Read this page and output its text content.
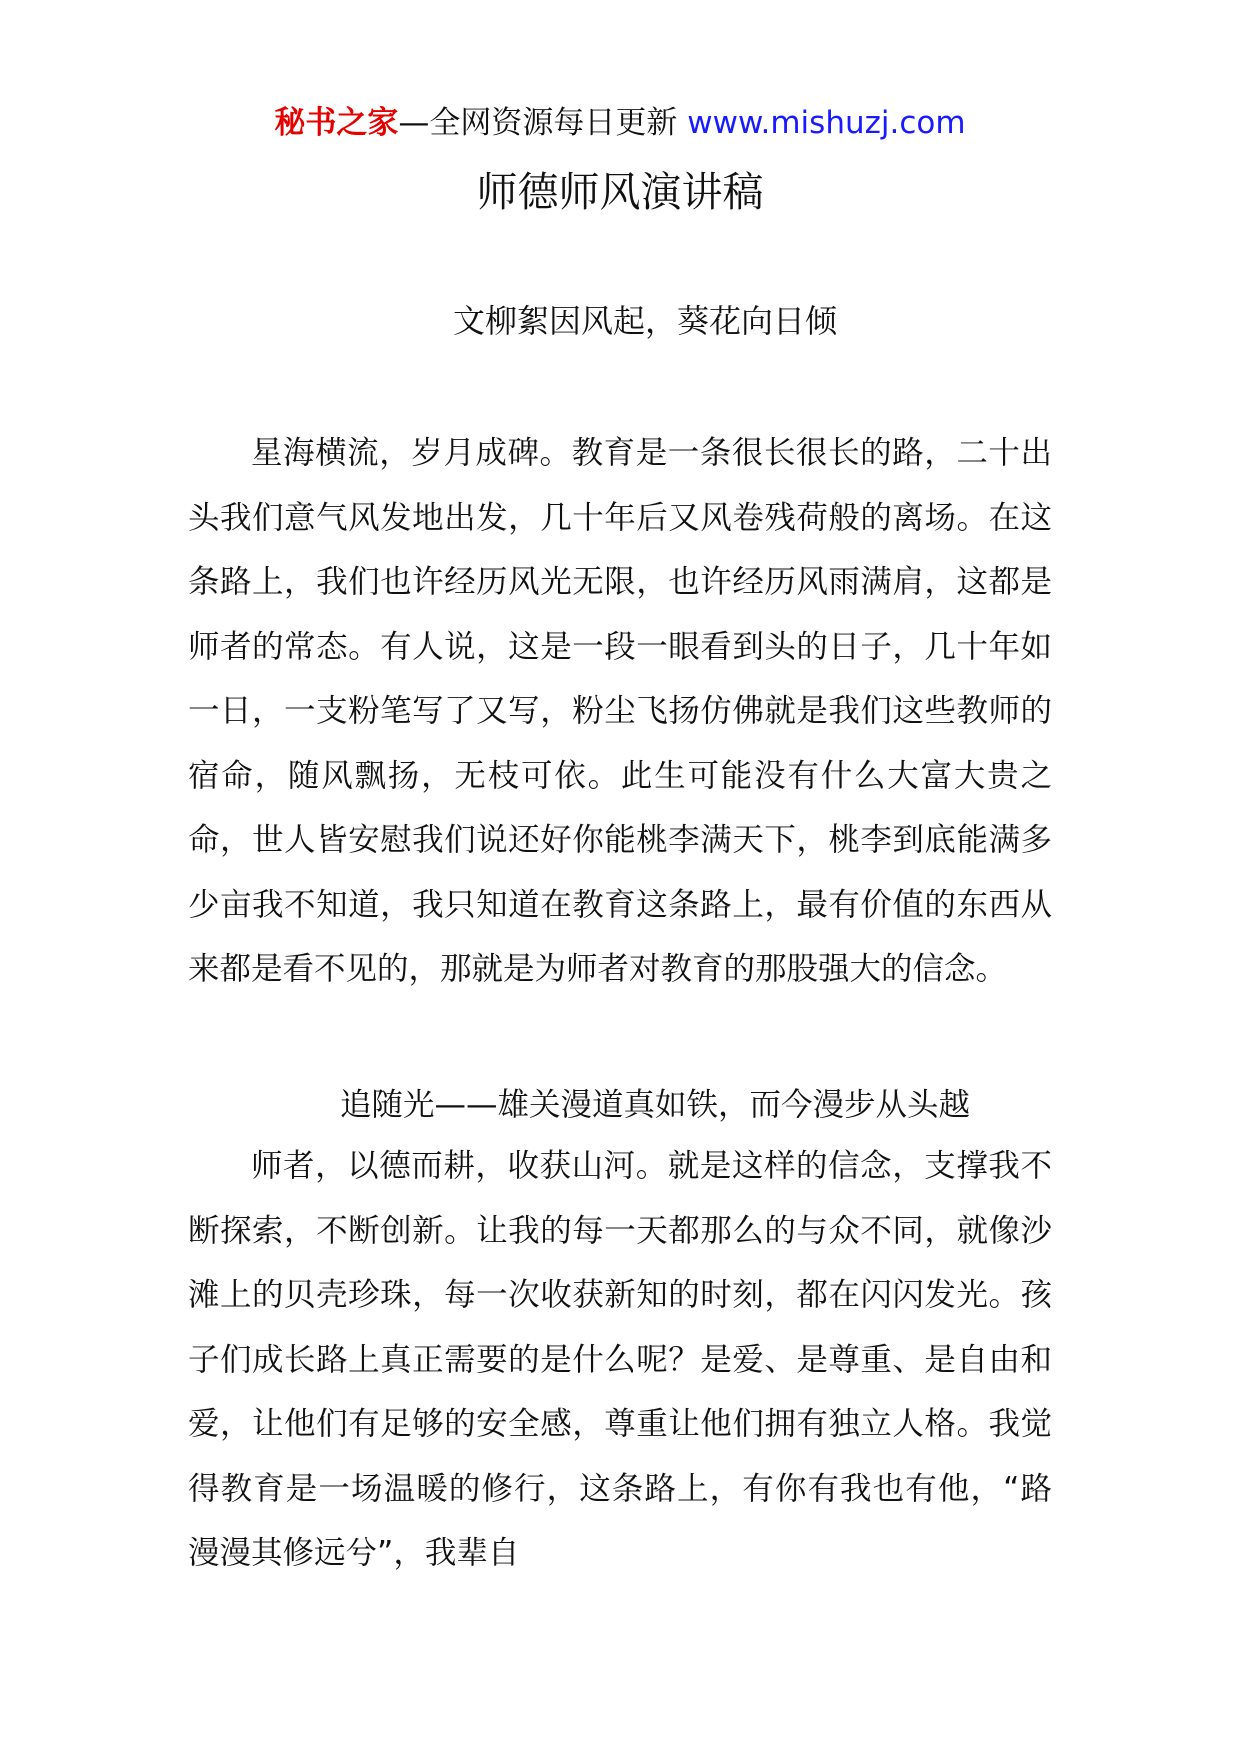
秘书之家—全网资源每日更新 www.mishuzj.com
师德师风演讲稿
文柳絮因风起，葵花向日倾

星海横流，岁月成碑。教育是一条很长很长的路，二十出头我们意气风发地出发，几十年后又风卷残荷般的离场。在这条路上，我们也许经历风光无限，也许经历风雨满肩，这都是师者的常态。有人说，这是一段一眼看到头的日子，几十年如一日，一支粉笔写了又写，粉尘飞扬仿佛就是我们这些教师的宿命，随风飘扬，无枝可依。此生可能没有什么大富大贵之命，世人皆安慰我们说还好你能桃李满天下，桃李到底能满多少亩我不知道，我只知道在教育这条路上，最有价值的东西从来都是看不见的，那就是为师者对教育的那股强大的信念。

追随光——雄关漫道真如铁，而今漫步从头越

师者，以德而耕，收获山河。就是这样的信念，支撑我不断探索，不断创新。让我的每一天都那么的与众不同，就像沙滩上的贝壳珍珠，每一次收获新知的时刻，都在闪闪发光。孩子们成长路上真正需要的是什么呢？是爱、是尊重、是自由和爱，让他们有足够的安全感，尊重让他们拥有独立人格。我觉得教育是一场温暖的修行，这条路上，有你有我也有他，“路漫漫其修远兮”，我辈自
